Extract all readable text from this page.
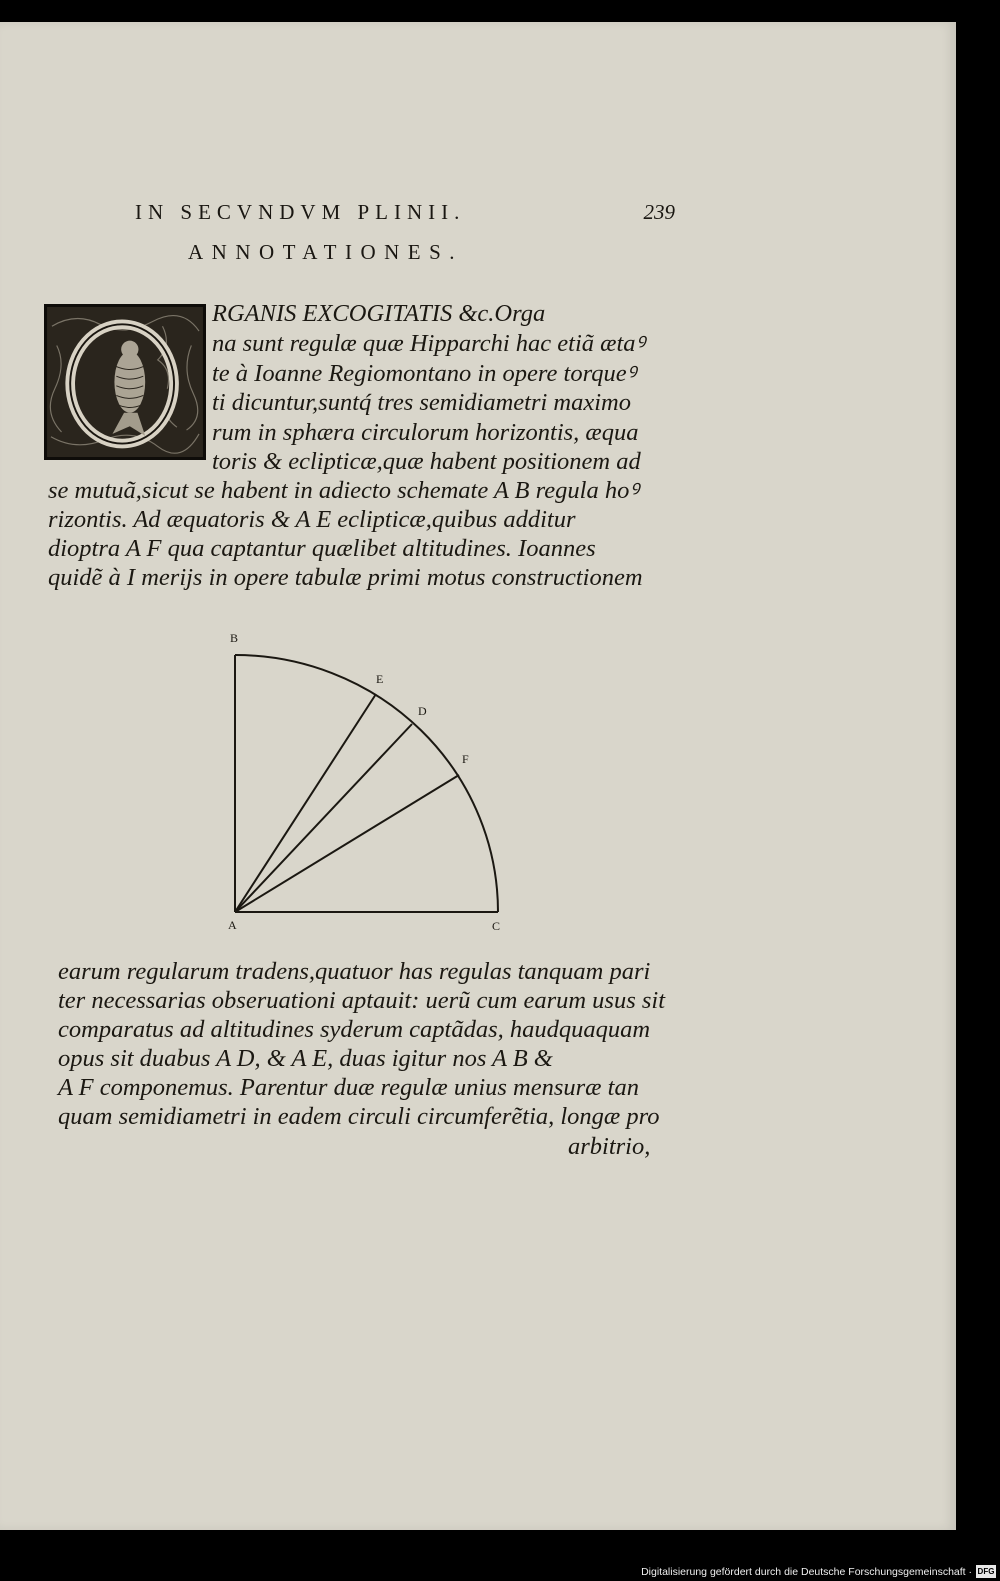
IN SECVNDVM PLINII.	239
ANNOTATIONES.
RGANIS EXCOGITATIS &c.Orga
na sunt regulæ quæ Hipparchi hac etiã ætaꝰ
te à Ioanne Regiomontano in opere torqueꝰ
ti dicuntur,suntq́ tres semidiametri maximo
rum in sphæra circulorum horizontis, æqua
toris & eclipticæ,quæ habent positionem ad
se mutuã,sicut se habent in adiecto schemate A B regula hoꝰ
rizontis. Ad æquatoris & A E eclipticæ,quibus additur
dioptra A F qua captantur quælibet altitudines. Ioannes
quidẽ à I merijs in opere tabulæ primi motus constructionem
B
E
D
F
A	C
earum regularum tradens,quatuor has regulas tanquam pari
ter necessarias obseruationi aptauit: uerũ cum earum usus sit
comparatus ad altitudines syderum captãdas, haudquaquam
opus sit duabus A D, & A E, duas igitur nos A B &
A F componemus. Parentur duæ regulæ unius mensuræ tan
quam semidiametri in eadem circuli circumferẽtia, longæ pro
arbitrio,
Digitalisierung gefördert durch die Deutsche Forschungsgemeinschaft · DFG
